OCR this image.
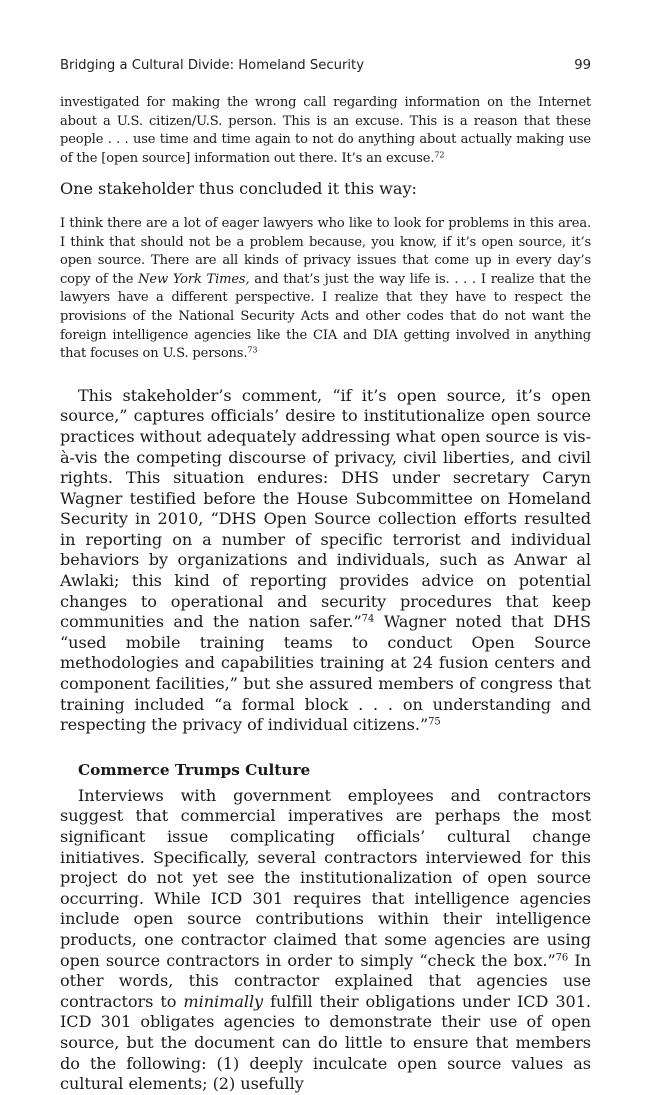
Bridging a Cultural Divide: Homeland Security	99

investigated for making the wrong call regarding information on the Internet about a U.S. citizen/U.S. person. This is an excuse. This is a reason that these people . . . use time and time again to not do anything about actually making use of the [open source] information out there. It’s an excuse.$^{72}$

One stakeholder thus concluded it this way:

I think there are a lot of eager lawyers who like to look for problems in this area. I think that should not be a problem because, you know, if it’s open source, it’s open source. There are all kinds of privacy issues that come up in every day’s copy of the New York Times, and that’s just the way life is. . . . I realize that the lawyers have a different perspective. I realize that they have to respect the provisions of the National Security Acts and other codes that do not want the foreign intelligence agencies like the CIA and DIA getting involved in anything that focuses on U.S. persons.$^{73}$

This stakeholder’s comment, “if it’s open source, it’s open source,” captures officials’ desire to institutionalize open source practices without adequately addressing what open source is vis-à-vis the competing discourse of privacy, civil liberties, and civil rights. This situation endures: DHS under secretary Caryn Wagner testified before the House Subcommittee on Homeland Security in 2010, “DHS Open Source collection efforts resulted in reporting on a number of specific terrorist and individual behaviors by organizations and individuals, such as Anwar al Awlaki; this kind of reporting provides advice on potential changes to operational and security procedures that keep communities and the nation safer.”$^{74}$ Wagner noted that DHS “used mobile training teams to conduct Open Source methodologies and capabilities training at 24 fusion centers and component facilities,” but she assured members of congress that training included “a formal block . . . on understanding and respecting the privacy of individual citizens.”$^{75}$

Commerce Trumps Culture

Interviews with government employees and contractors suggest that commercial imperatives are perhaps the most significant issue complicating officials’ cultural change initiatives. Specifically, several contractors interviewed for this project do not yet see the institutionalization of open source occurring. While ICD 301 requires that intelligence agencies include open source contributions within their intelligence products, one contractor claimed that some agencies are using open source contractors in order to simply “check the box.”$^{76}$ In other words, this contractor explained that agencies use contractors to minimally fulfill their obligations under ICD 301. ICD 301 obligates agencies to demonstrate their use of open source, but the document can do little to ensure that members do the following: (1) deeply inculcate open source values as cultural elements; (2) usefully
